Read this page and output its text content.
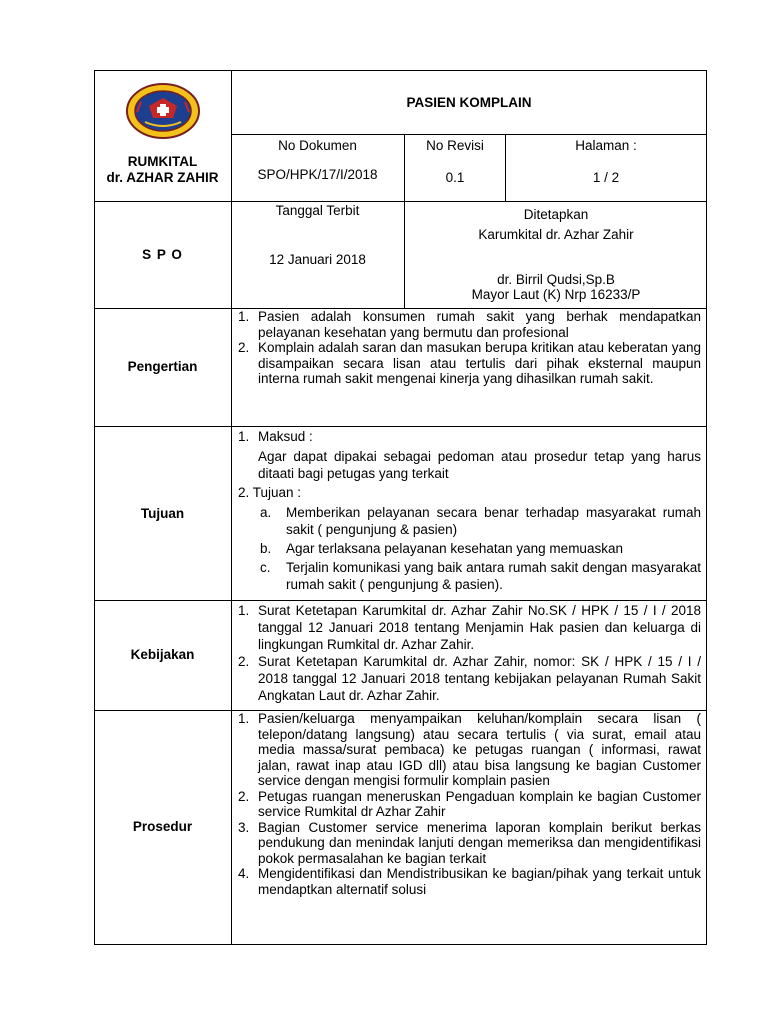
RUMKITAL
dr. AZHAR ZAHIR
PASIEN KOMPLAIN
No Dokumen
SPO/HPK/17/I/2018
No Revisi
0.1
Halaman :
1 / 2
S P O
Tanggal Terbit
12 Januari 2018
Ditetapkan
Karumkital dr. Azhar Zahir
dr. Birril Qudsi,Sp.B
Mayor Laut (K) Nrp 16233/P
Pengertian
1. Pasien adalah konsumen rumah sakit yang berhak mendapatkan pelayanan kesehatan yang bermutu dan profesional
2. Komplain adalah saran dan masukan berupa kritikan atau keberatan yang disampaikan secara lisan atau tertulis dari pihak eksternal maupun interna rumah sakit mengenai kinerja yang dihasilkan rumah sakit.
Tujuan
1. Maksud :
Agar dapat dipakai sebagai pedoman atau prosedur tetap yang harus ditaati bagi petugas yang terkait
2. Tujuan :
a. Memberikan pelayanan secara benar terhadap masyarakat rumah sakit ( pengunjung & pasien)
b. Agar terlaksana pelayanan kesehatan yang memuaskan
c. Terjalin komunikasi yang baik antara rumah sakit dengan masyarakat rumah sakit ( pengunjung & pasien).
Kebijakan
1. Surat Ketetapan Karumkital dr. Azhar Zahir No.SK / HPK / 15 / I / 2018 tanggal 12 Januari 2018 tentang Menjamin Hak pasien dan keluarga di lingkungan Rumkital dr. Azhar Zahir.
2. Surat Ketetapan Karumkital dr. Azhar Zahir, nomor: SK / HPK / 15 / I / 2018 tanggal 12 Januari 2018 tentang kebijakan pelayanan Rumah Sakit Angkatan Laut dr. Azhar Zahir.
Prosedur
1. Pasien/keluarga menyampaikan keluhan/komplain secara lisan ( telepon/datang langsung) atau secara tertulis ( via surat, email atau media massa/surat pembaca) ke petugas ruangan ( informasi, rawat jalan, rawat inap atau IGD dll) atau bisa langsung ke bagian Customer service dengan mengisi formulir komplain pasien
2. Petugas ruangan meneruskan Pengaduan komplain ke bagian Customer service Rumkital dr Azhar Zahir
3. Bagian Customer service menerima laporan komplain berikut berkas pendukung dan menindak lanjuti dengan memeriksa dan mengidentifikasi pokok permasalahan ke bagian terkait
4. Mengidentifikasi dan Mendistribusikan ke bagian/pihak yang terkait untuk mendaptkan alternatif solusi
